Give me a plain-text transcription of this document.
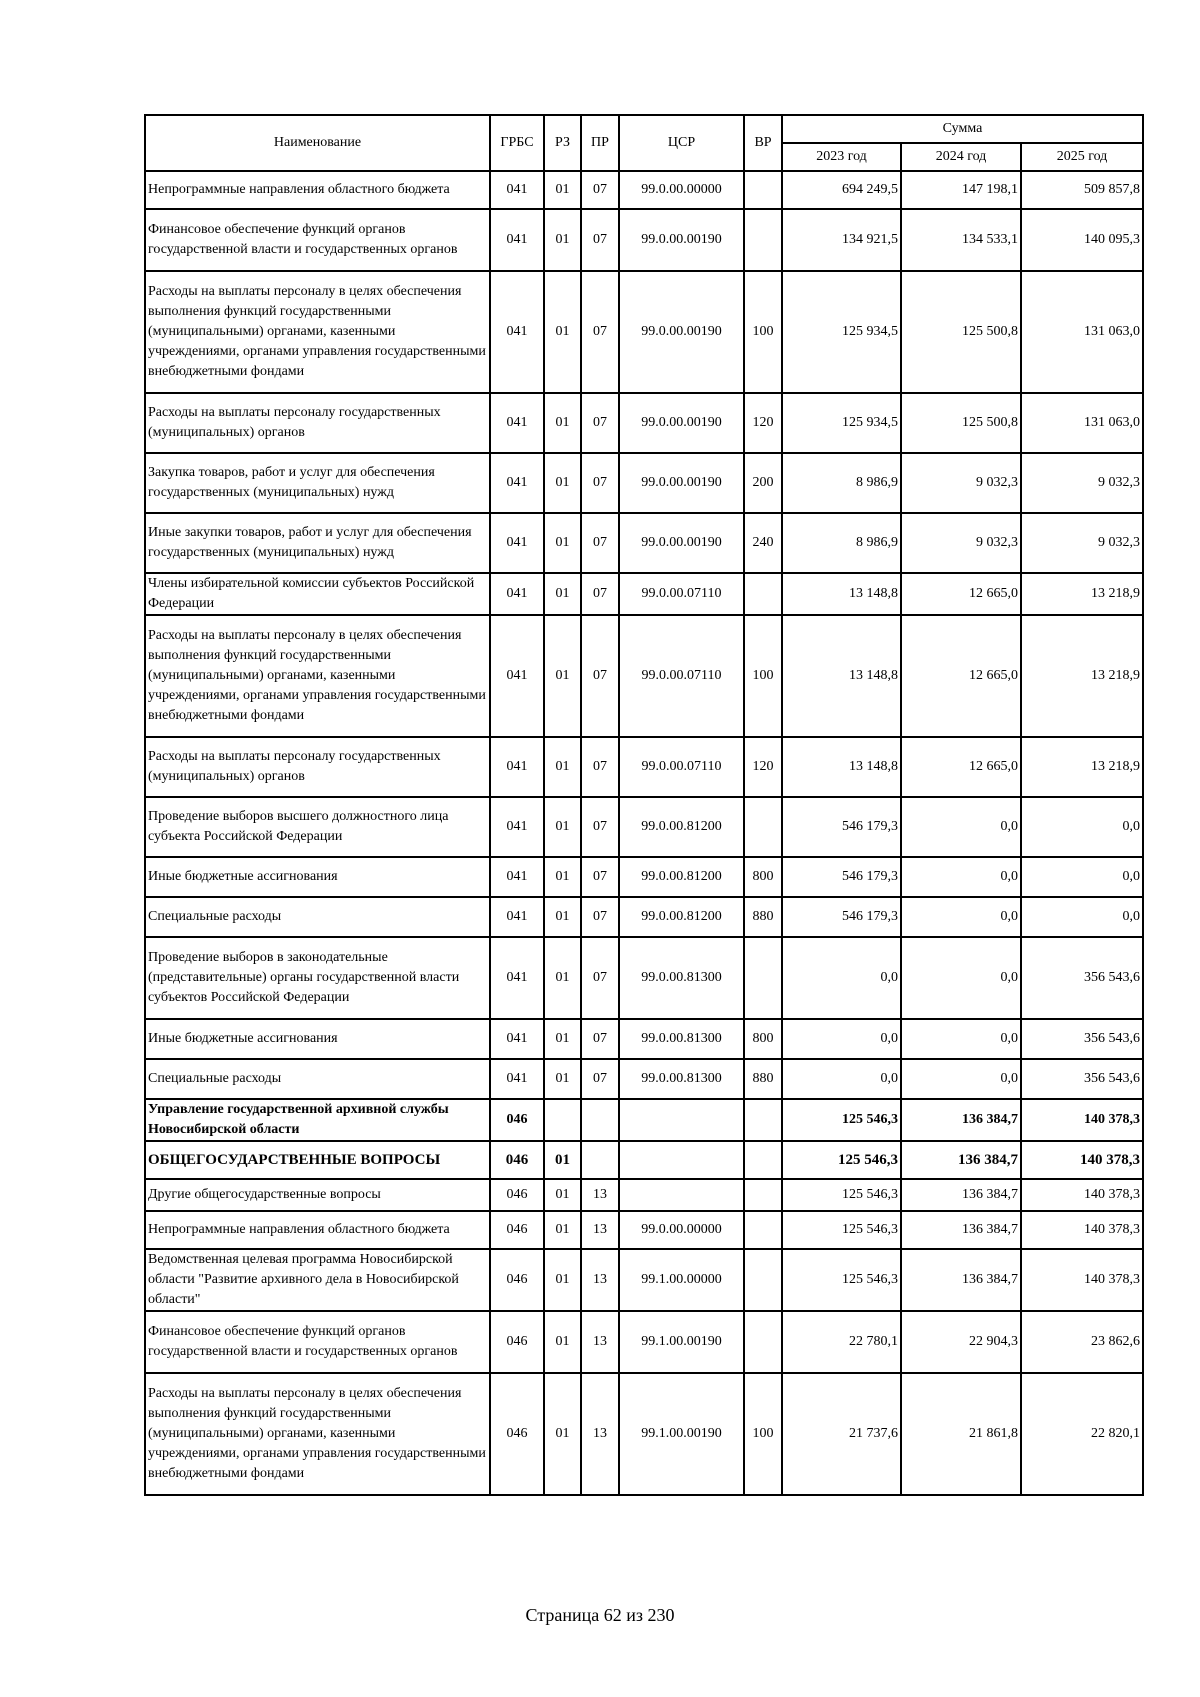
Наименование	ГРБС	РЗ	ПР	ЦСР	ВР	Сумма		
						2023 год	2024 год	2025 год
Непрограммные направления областного бюджета	041	01	07	99.0.00.00000		694 249,5	147 198,1	509 857,8
Финансовое обеспечение функций органов государственной власти и государственных органов	041	01	07	99.0.00.00190		134 921,5	134 533,1	140 095,3
Расходы на выплаты персоналу в целях обеспечения выполнения функций государственными (муниципальными) органами, казенными учреждениями, органами управления государственными внебюджетными фондами	041	01	07	99.0.00.00190	100	125 934,5	125 500,8	131 063,0
Расходы на выплаты персоналу государственных (муниципальных) органов	041	01	07	99.0.00.00190	120	125 934,5	125 500,8	131 063,0
Закупка товаров, работ и услуг для обеспечения государственных (муниципальных) нужд	041	01	07	99.0.00.00190	200	8 986,9	9 032,3	9 032,3
Иные закупки товаров, работ и услуг для обеспечения государственных (муниципальных) нужд	041	01	07	99.0.00.00190	240	8 986,9	9 032,3	9 032,3
Члены избирательной комиссии субъектов Российской Федерации	041	01	07	99.0.00.07110		13 148,8	12 665,0	13 218,9
Расходы на выплаты персоналу в целях обеспечения выполнения функций государственными (муниципальными) органами, казенными учреждениями, органами управления государственными внебюджетными фондами	041	01	07	99.0.00.07110	100	13 148,8	12 665,0	13 218,9
Расходы на выплаты персоналу государственных (муниципальных) органов	041	01	07	99.0.00.07110	120	13 148,8	12 665,0	13 218,9
Проведение выборов высшего должностного лица субъекта Российской Федерации	041	01	07	99.0.00.81200		546 179,3	0,0	0,0
Иные бюджетные ассигнования	041	01	07	99.0.00.81200	800	546 179,3	0,0	0,0
Специальные расходы	041	01	07	99.0.00.81200	880	546 179,3	0,0	0,0
Проведение выборов в законодательные (представительные) органы государственной власти субъектов Российской Федерации	041	01	07	99.0.00.81300		0,0	0,0	356 543,6
Иные бюджетные ассигнования	041	01	07	99.0.00.81300	800	0,0	0,0	356 543,6
Специальные расходы	041	01	07	99.0.00.81300	880	0,0	0,0	356 543,6
Управление государственной архивной службы Новосибирской области	046					125 546,3	136 384,7	140 378,3
ОБЩЕГОСУДАРСТВЕННЫЕ ВОПРОСЫ	046	01				125 546,3	136 384,7	140 378,3
Другие общегосударственные вопросы	046	01	13			125 546,3	136 384,7	140 378,3
Непрограммные направления областного бюджета	046	01	13	99.0.00.00000		125 546,3	136 384,7	140 378,3
Ведомственная целевая программа Новосибирской области "Развитие архивного дела в Новосибирской области"	046	01	13	99.1.00.00000		125 546,3	136 384,7	140 378,3
Финансовое обеспечение функций органов государственной власти и государственных органов	046	01	13	99.1.00.00190		22 780,1	22 904,3	23 862,6
Расходы на выплаты персоналу в целях обеспечения выполнения функций государственными (муниципальными) органами, казенными учреждениями, органами управления государственными внебюджетными фондами	046	01	13	99.1.00.00190	100	21 737,6	21 861,8	22 820,1
Страница 62 из 230
